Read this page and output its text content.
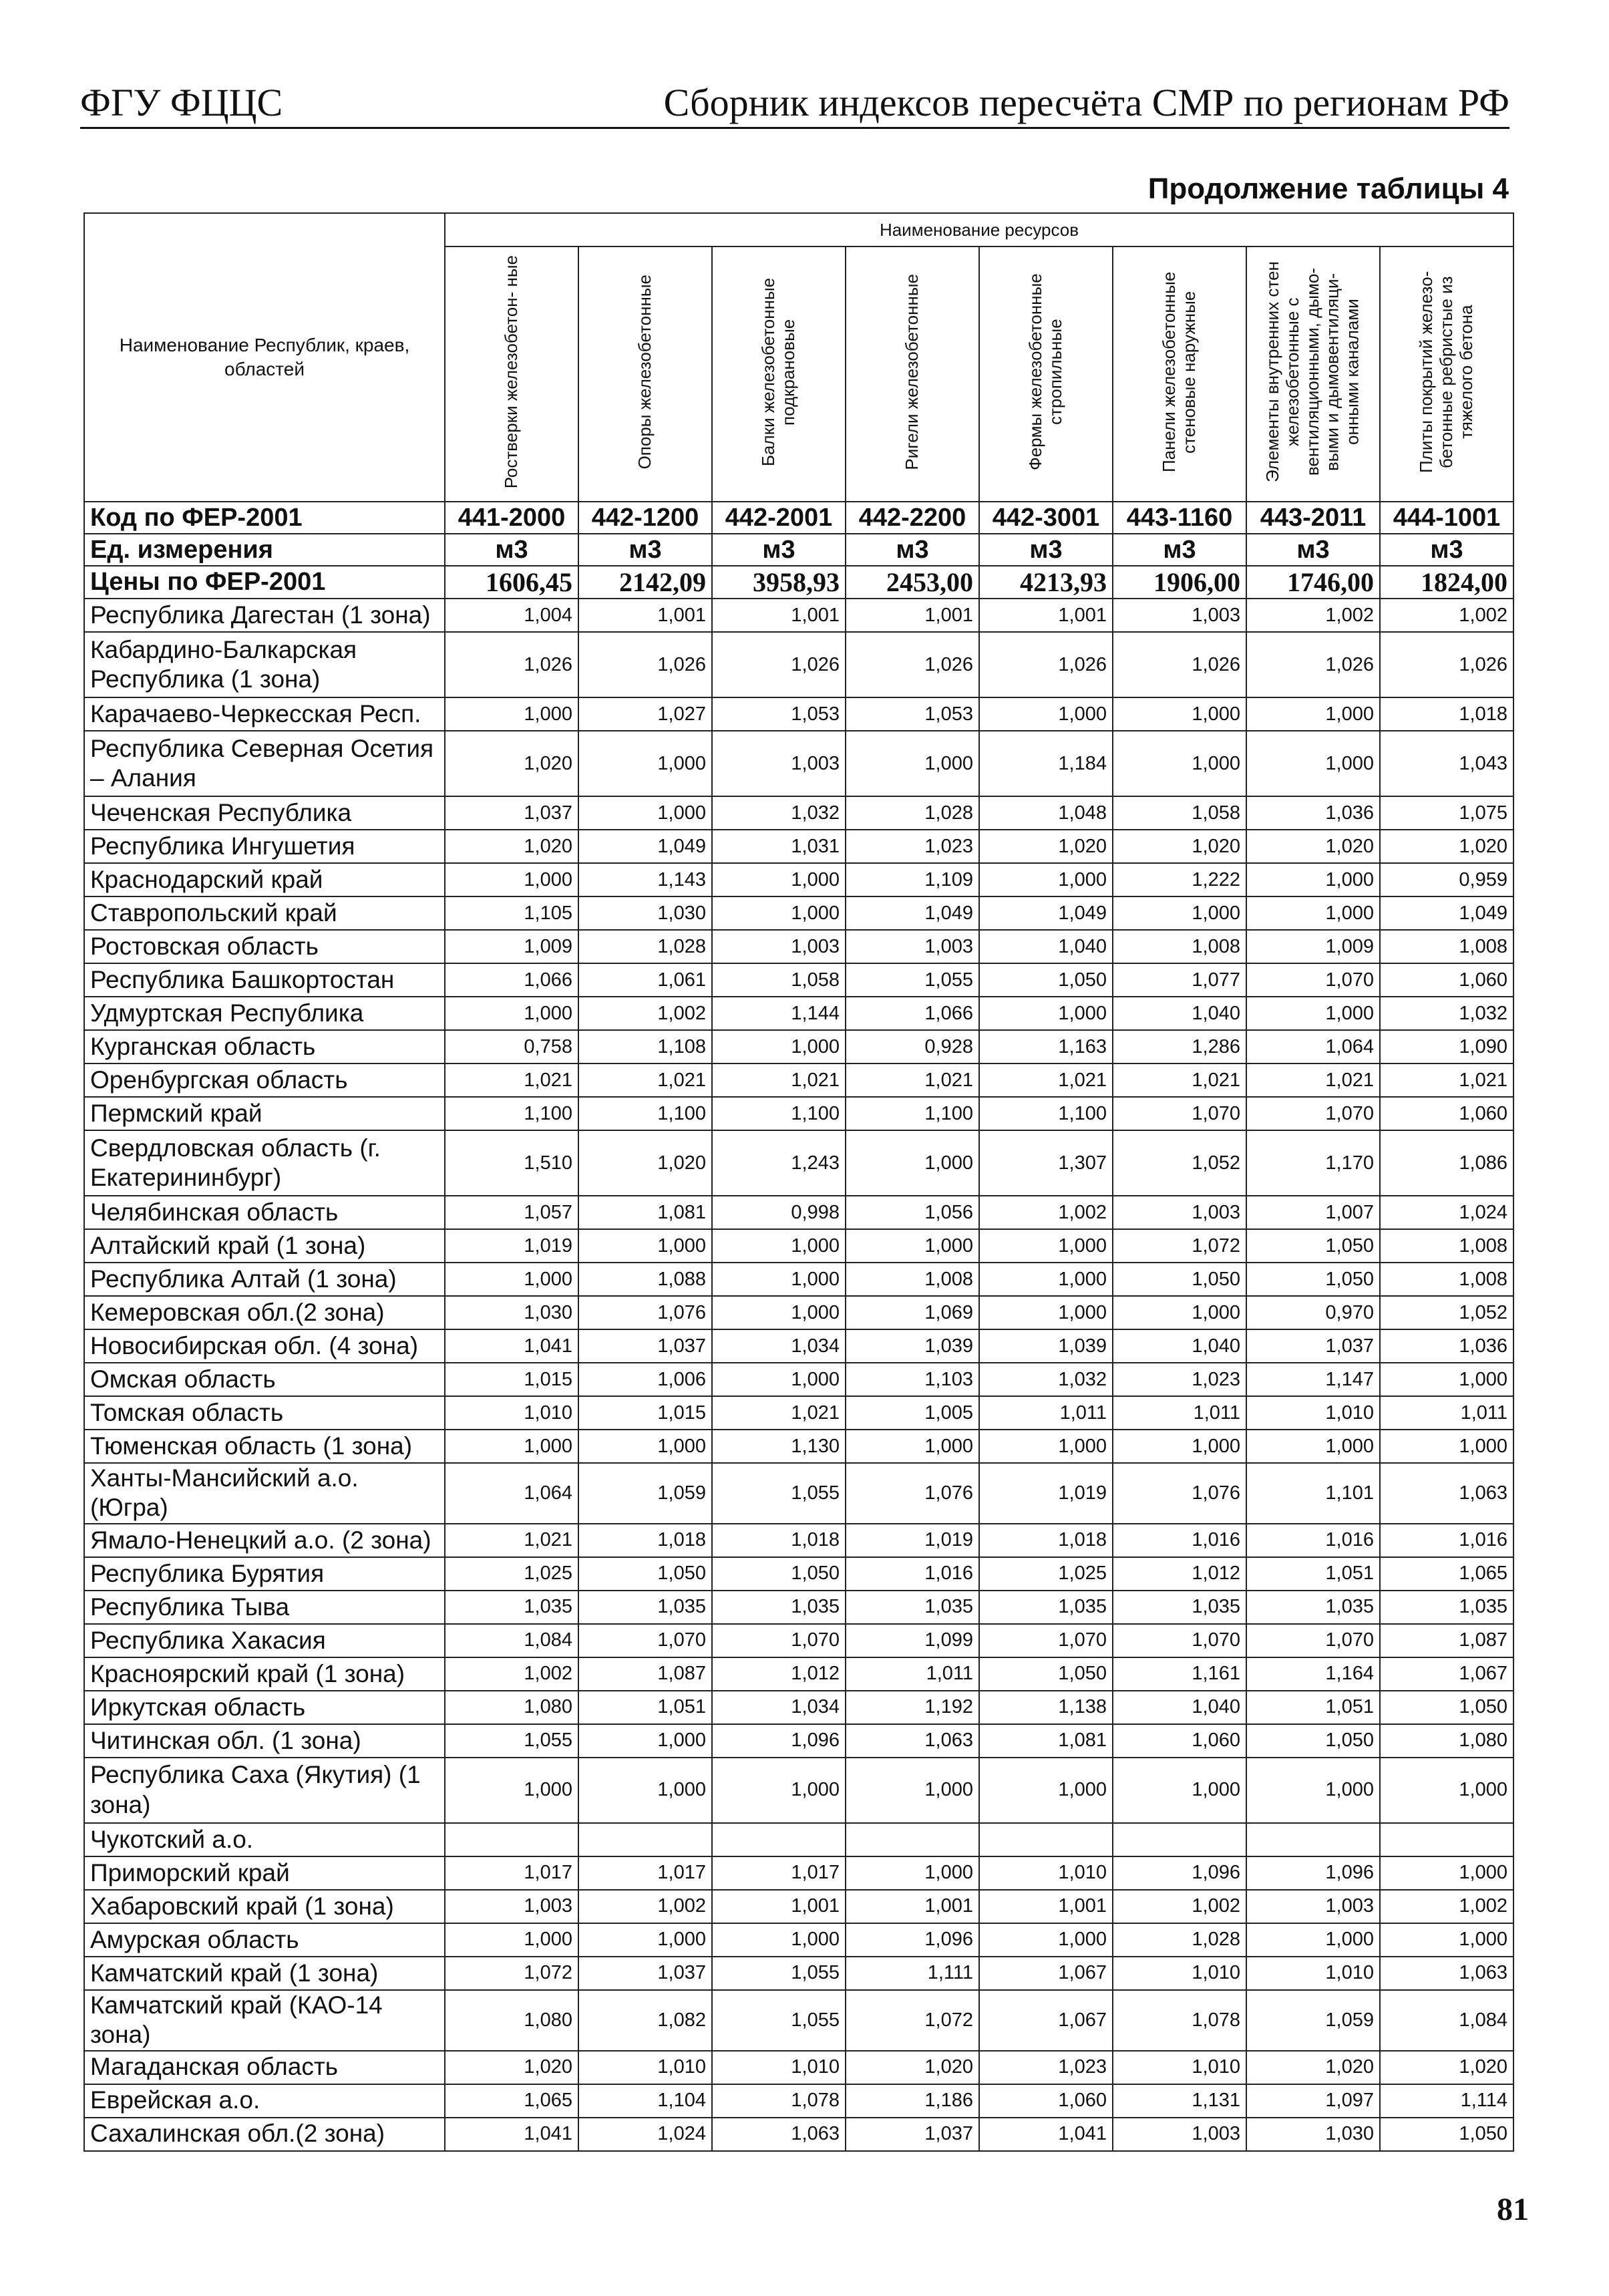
ФГУ ФЦЦС	Сборник индексов пересчёта СМР по регионам РФ
Продолжение таблицы 4
Наименование Республик, краев, областей	Наименование ресурсов							
	Ростверки железобетон- ные	Опоры железобетонные	Балки железобетонные подкрановые	Ригели железобетонные	Фермы железобетонные стропильные	Панели железобетонные стеновые наружные	Элементы внутренних стен железобетонные с вентиляционными, дымо- выми и дымовентиляци- онными каналами	Плиты покрытий железо- бетонные ребристые из тяжелого бетона
Код по ФЕР-2001	441-2000	442-1200	442-2001	442-2200	442-3001	443-1160	443-2011	444-1001
Ед. измерения	м3	м3	м3	м3	м3	м3	м3	м3
Цены по ФЕР-2001	1606,45	2142,09	3958,93	2453,00	4213,93	1906,00	1746,00	1824,00
Республика Дагестан (1 зона)	1,004	1,001	1,001	1,001	1,001	1,003	1,002	1,002
Кабардино-Балкарская Республика (1 зона)	1,026	1,026	1,026	1,026	1,026	1,026	1,026	1,026
Карачаево-Черкесская Респ.	1,000	1,027	1,053	1,053	1,000	1,000	1,000	1,018
Республика Северная Осетия – Алания	1,020	1,000	1,003	1,000	1,184	1,000	1,000	1,043
Чеченская Республика	1,037	1,000	1,032	1,028	1,048	1,058	1,036	1,075
Республика Ингушетия	1,020	1,049	1,031	1,023	1,020	1,020	1,020	1,020
Краснодарский край	1,000	1,143	1,000	1,109	1,000	1,222	1,000	0,959
Ставропольский край	1,105	1,030	1,000	1,049	1,049	1,000	1,000	1,049
Ростовская область	1,009	1,028	1,003	1,003	1,040	1,008	1,009	1,008
Республика Башкортостан	1,066	1,061	1,058	1,055	1,050	1,077	1,070	1,060
Удмуртская Республика	1,000	1,002	1,144	1,066	1,000	1,040	1,000	1,032
Курганская область	0,758	1,108	1,000	0,928	1,163	1,286	1,064	1,090
Оренбургская область	1,021	1,021	1,021	1,021	1,021	1,021	1,021	1,021
Пермский край	1,100	1,100	1,100	1,100	1,100	1,070	1,070	1,060
Свердловская область (г. Екатерининбург)	1,510	1,020	1,243	1,000	1,307	1,052	1,170	1,086
Челябинская область	1,057	1,081	0,998	1,056	1,002	1,003	1,007	1,024
Алтайский край (1 зона)	1,019	1,000	1,000	1,000	1,000	1,072	1,050	1,008
Республика Алтай (1 зона)	1,000	1,088	1,000	1,008	1,000	1,050	1,050	1,008
Кемеровская обл.(2 зона)	1,030	1,076	1,000	1,069	1,000	1,000	0,970	1,052
Новосибирская обл. (4 зона)	1,041	1,037	1,034	1,039	1,039	1,040	1,037	1,036
Омская область	1,015	1,006	1,000	1,103	1,032	1,023	1,147	1,000
Томская область	1,010	1,015	1,021	1,005	1,011	1,011	1,010	1,011
Тюменская область (1 зона)	1,000	1,000	1,130	1,000	1,000	1,000	1,000	1,000
Ханты-Мансийский а.о. (Югра)	1,064	1,059	1,055	1,076	1,019	1,076	1,101	1,063
Ямало-Ненецкий а.о. (2 зона)	1,021	1,018	1,018	1,019	1,018	1,016	1,016	1,016
Республика Бурятия	1,025	1,050	1,050	1,016	1,025	1,012	1,051	1,065
Республика Тыва	1,035	1,035	1,035	1,035	1,035	1,035	1,035	1,035
Республика Хакасия	1,084	1,070	1,070	1,099	1,070	1,070	1,070	1,087
Красноярский край (1 зона)	1,002	1,087	1,012	1,011	1,050	1,161	1,164	1,067
Иркутская область	1,080	1,051	1,034	1,192	1,138	1,040	1,051	1,050
Читинская обл. (1 зона)	1,055	1,000	1,096	1,063	1,081	1,060	1,050	1,080
Республика Саха (Якутия) (1 зона)	1,000	1,000	1,000	1,000	1,000	1,000	1,000	1,000
Чукотский а.о.								
Приморский край	1,017	1,017	1,017	1,000	1,010	1,096	1,096	1,000
Хабаровский край (1 зона)	1,003	1,002	1,001	1,001	1,001	1,002	1,003	1,002
Амурская область	1,000	1,000	1,000	1,096	1,000	1,028	1,000	1,000
Камчатский край (1 зона)	1,072	1,037	1,055	1,111	1,067	1,010	1,010	1,063
Камчатский край (КАО-14 зона)	1,080	1,082	1,055	1,072	1,067	1,078	1,059	1,084
Магаданская область	1,020	1,010	1,010	1,020	1,023	1,010	1,020	1,020
Еврейская а.о.	1,065	1,104	1,078	1,186	1,060	1,131	1,097	1,114
Сахалинская обл.(2 зона)	1,041	1,024	1,063	1,037	1,041	1,003	1,030	1,050
81
